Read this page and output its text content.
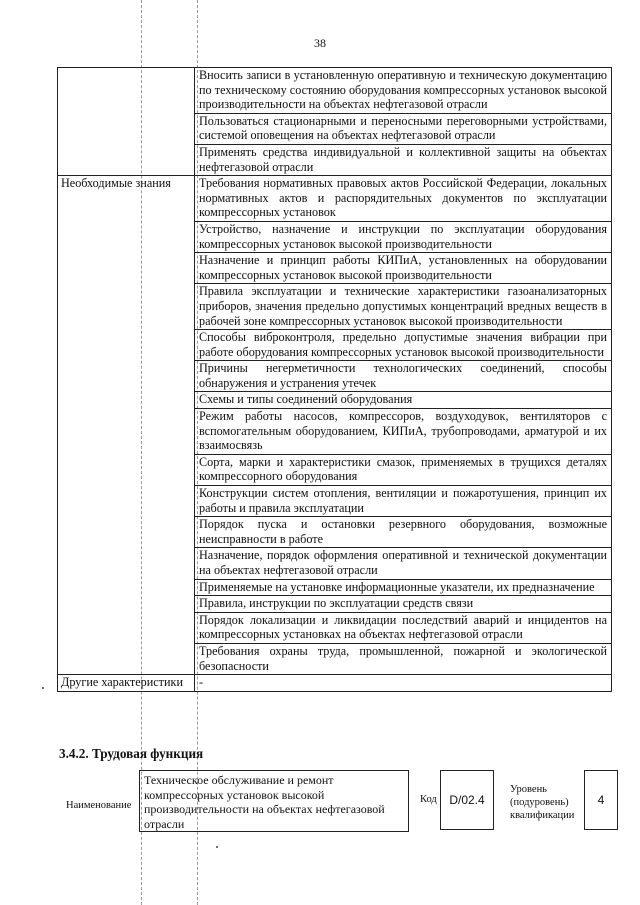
38
	Вносить записи в установленную оперативную и техническую документацию по техническому состоянию оборудования компрессорных установок высокой производительности на объектах нефтегазовой отрасли
	Пользоваться стационарными и переносными переговорными устройствами, системой оповещения на объектах нефтегазовой отрасли
	Применять средства индивидуальной и коллективной защиты на объектах нефтегазовой отрасли
Необходимые знания	Требования нормативных правовых актов Российской Федерации, локальных нормативных актов и распорядительных документов по эксплуатации компрессорных установок
	Устройство, назначение и инструкции по эксплуатации оборудования компрессорных установок высокой производительности
	Назначение и принцип работы КИПиА, установленных на оборудовании компрессорных установок высокой производительности
	Правила эксплуатации и технические характеристики газоанализаторных приборов, значения предельно допустимых концентраций вредных веществ в рабочей зоне компрессорных установок высокой производительности
	Способы виброконтроля, предельно допустимые значения вибрации при работе оборудования компрессорных установок высокой производительности
	Причины негерметичности технологических соединений, способы обнаружения и устранения утечек
	Схемы и типы соединений оборудования
	Режим работы насосов, компрессоров, воздуходувок, вентиляторов с вспомогательным оборудованием, КИПиА, трубопроводами, арматурой и их взаимосвязь
	Сорта, марки и характеристики смазок, применяемых в трущихся деталях компрессорного оборудования
	Конструкции систем отопления, вентиляции и пожаротушения, принцип их работы и правила эксплуатации
	Порядок пуска и остановки резервного оборудования, возможные неисправности в работе
	Назначение, порядок оформления оперативной и технической документации на объектах нефтегазовой отрасли
	Применяемые на установке информационные указатели, их предназначение
	Правила, инструкции по эксплуатации средств связи
	Порядок локализации и ликвидации последствий аварий и инцидентов на компрессорных установках на объектах нефтегазовой отрасли
	Требования охраны труда, промышленной, пожарной и экологической безопасности
Другие характеристики	-
3.4.2. Трудовая функция
Наименование
Техническое обслуживание и ремонт компрессорных установок высокой производительности на объектах нефтегазовой отрасли
Код	D/02.4
Уровень
(подуровень)
квалификации
4
